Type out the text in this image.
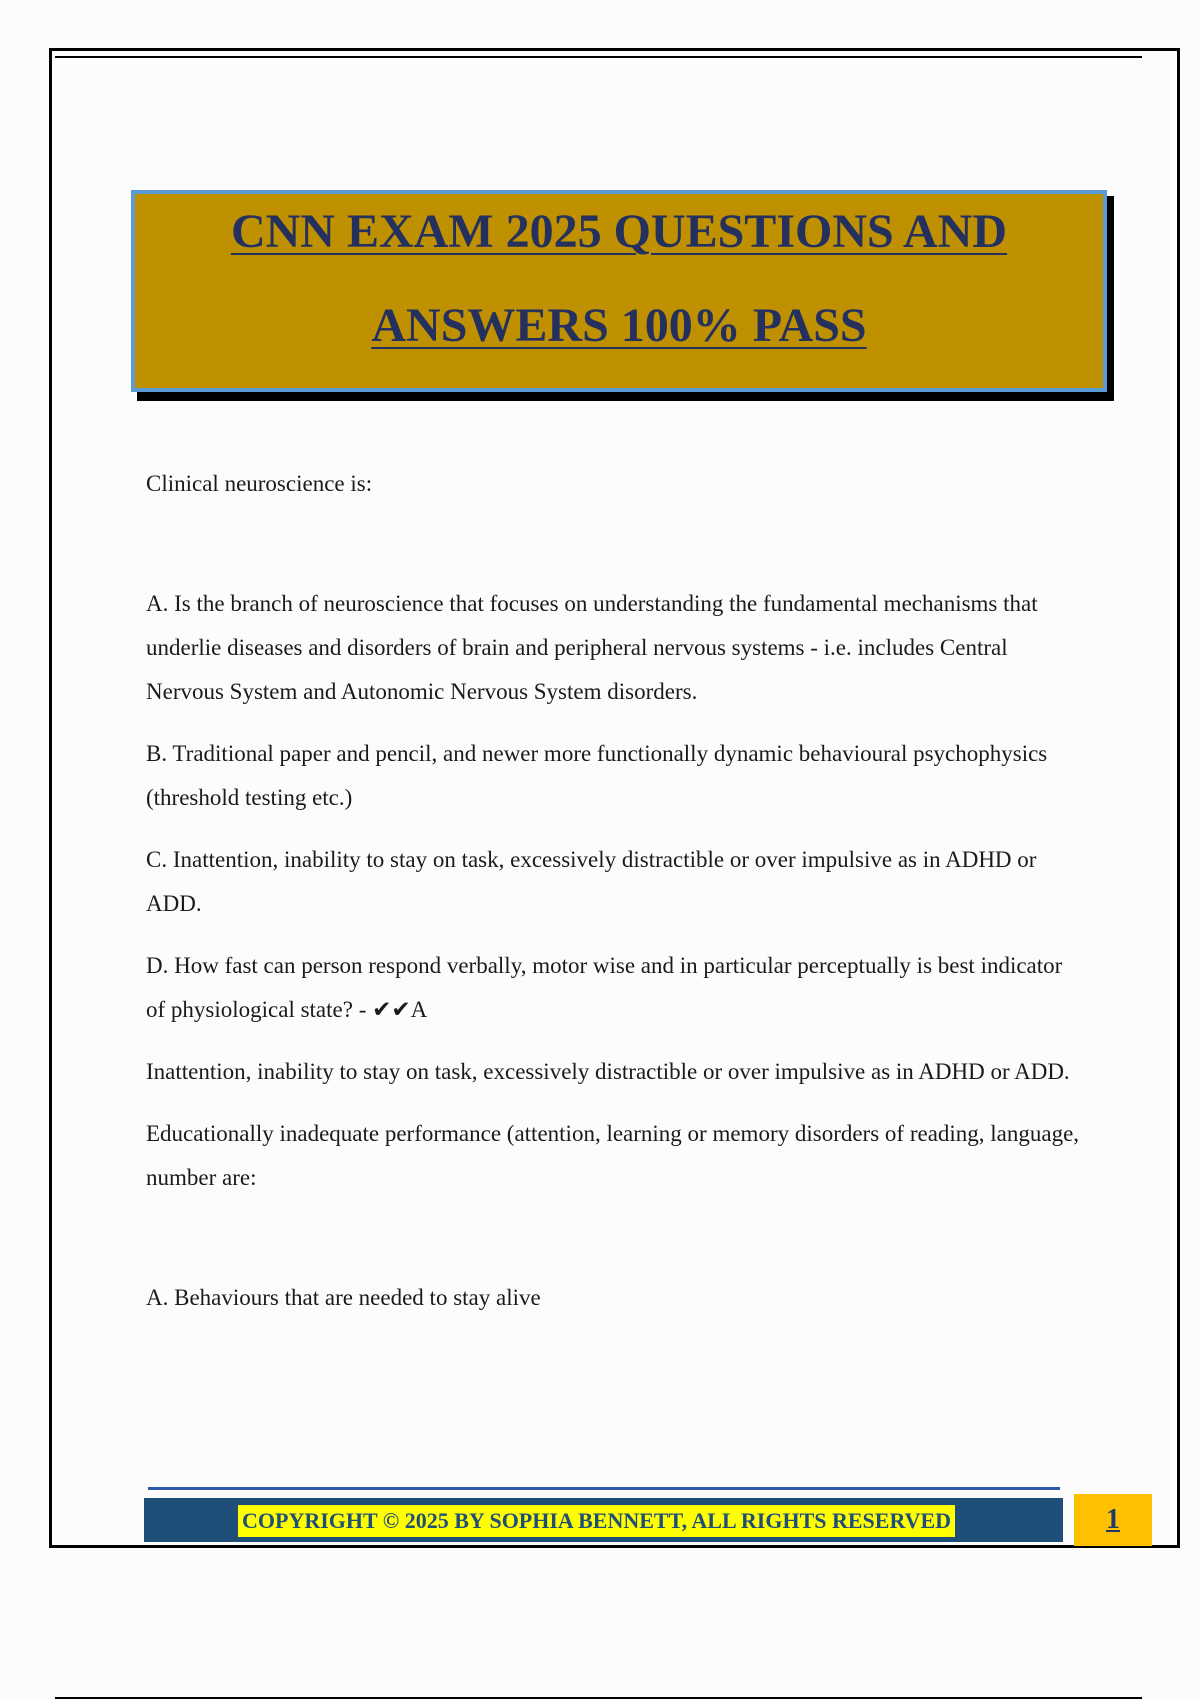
CNN EXAM 2025 QUESTIONS AND
ANSWERS 100% PASS

Clinical neuroscience is:

A. Is the branch of neuroscience that focuses on understanding the fundamental mechanisms that underlie diseases and disorders of brain and peripheral nervous systems - i.e. includes Central Nervous System and Autonomic Nervous System disorders.

B. Traditional paper and pencil, and newer more functionally dynamic behavioural psychophysics (threshold testing etc.)

C. Inattention, inability to stay on task, excessively distractible or over impulsive as in ADHD or ADD.

D. How fast can person respond verbally, motor wise and in particular perceptually is best indicator of physiological state? - ✔✔A

Inattention, inability to stay on task, excessively distractible or over impulsive as in ADHD or ADD.

Educationally inadequate performance (attention, learning or memory disorders of reading, language, number are:

A. Behaviours that are needed to stay alive

COPYRIGHT © 2025 BY SOPHIA BENNETT, ALL RIGHTS RESERVED	1
